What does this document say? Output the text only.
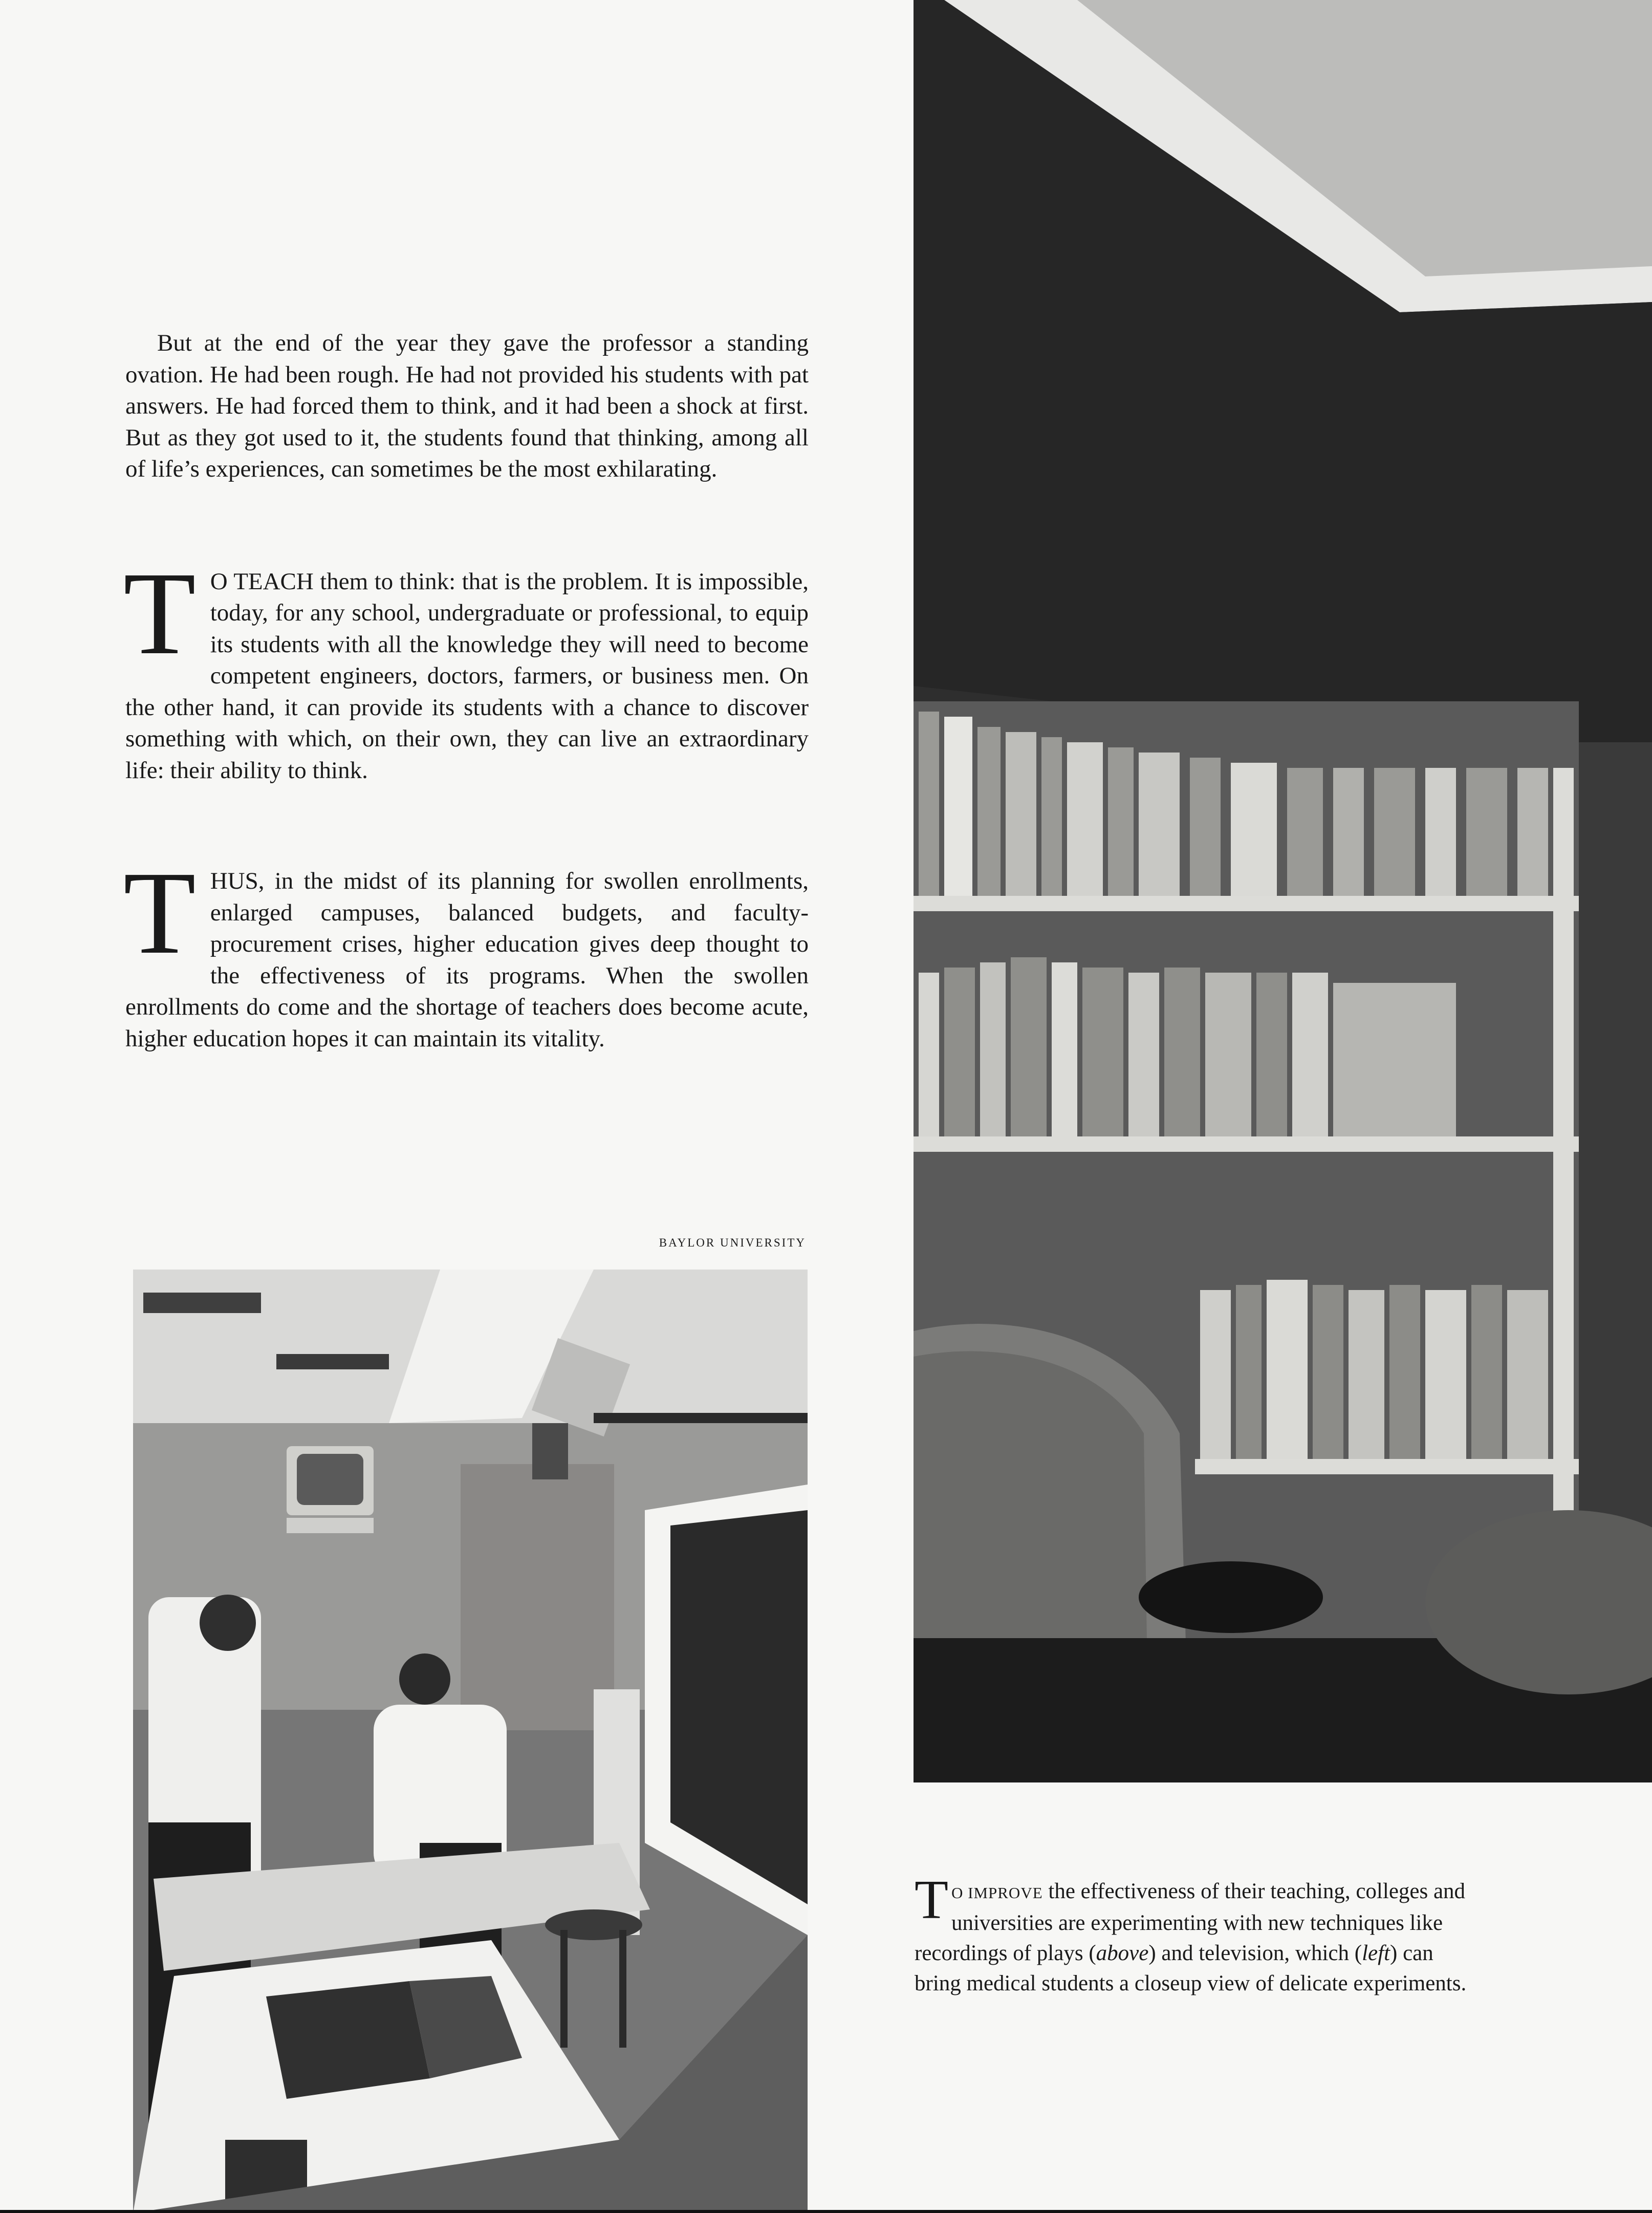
But at the end of the year they gave the professor a standing ovation. He had been rough. He had not provided his students with pat answers. He had forced them to think, and it had been a shock at first. But as they got used to it, the students found that thinking, among all of life’s experiences, can sometimes be the most exhilarating.

T O TEACH them to think: that is the problem. It is impossible, today, for any school, undergraduate or professional, to equip its students with all the knowledge they will need to become competent engineers, doctors, farmers, or business men. On the other hand, it can provide its students with a chance to discover something with which, on their own, they can live an extraordinary life: their ability to think.

THUS, in the midst of its planning for swollen enrollments, enlarged campuses, balanced budgets, and faculty-procurement crises, higher education gives deep thought to the effectiveness of its programs. When the swollen enrollments do come and the shortage of teachers does become acute, higher education hopes it can maintain its vitality.

BAYLOR UNIVERSITY
T O IMPROVE the effectiveness of their teaching, colleges and universities are experimenting with new techniques like recordings of plays (above) and television, which (left) can bring medical students a closeup view of delicate experiments.
